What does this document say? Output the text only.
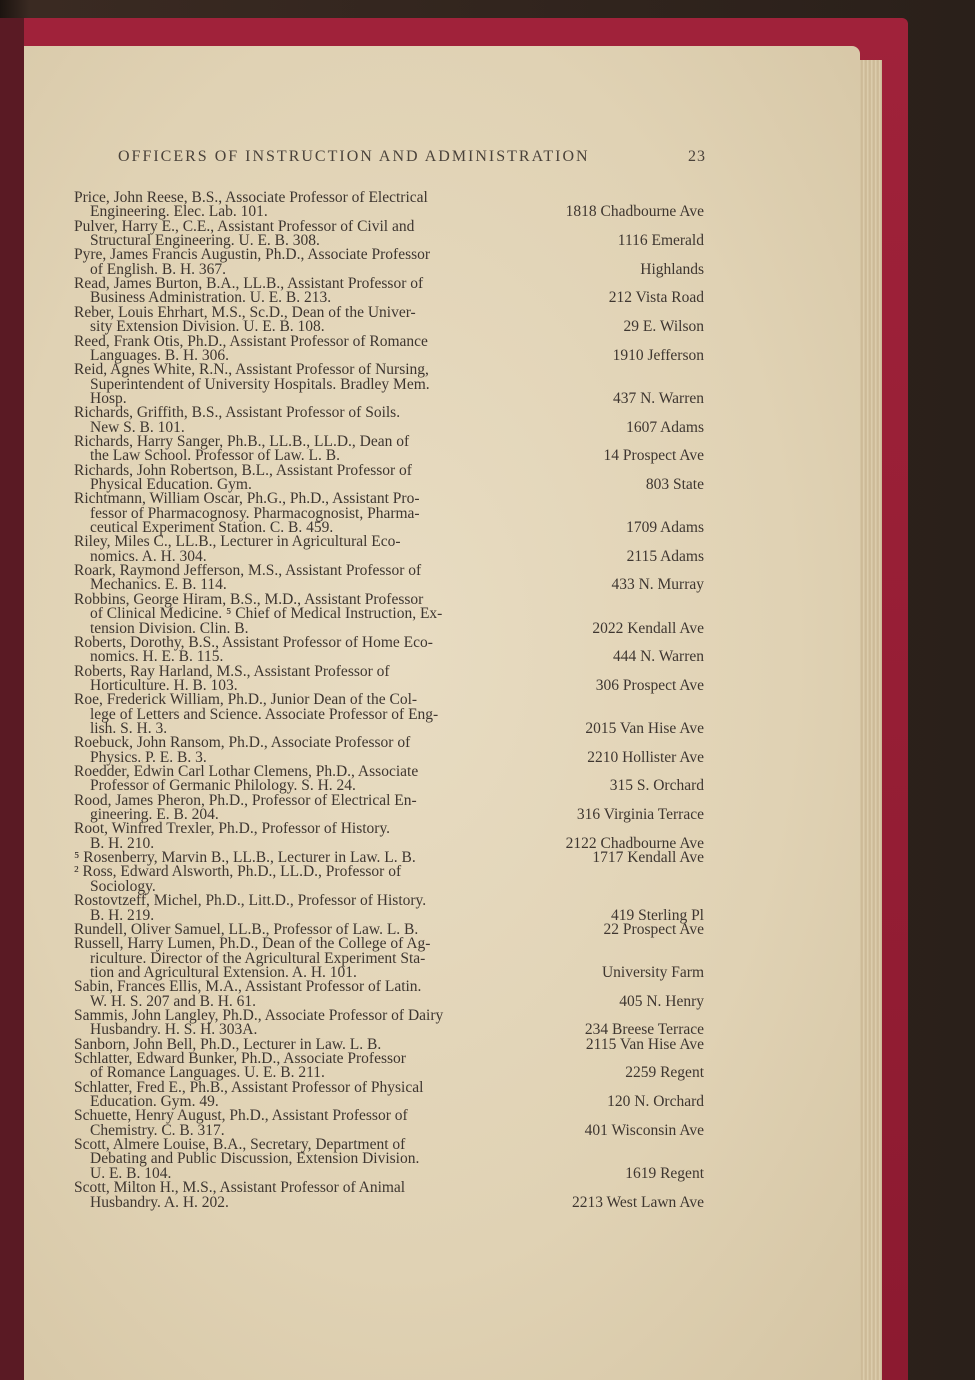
OFFICERS OF INSTRUCTION AND ADMINISTRATION	23
Price, John Reese, B.S., Associate Professor of Electrical
Engineering. Elec. Lab. 101.	1818 Chadbourne Ave
Pulver, Harry E., C.E., Assistant Professor of Civil and
Structural Engineering. U. E. B. 308.	1116 Emerald
Pyre, James Francis Augustin, Ph.D., Associate Professor
of English. B. H. 367.	Highlands
Read, James Burton, B.A., LL.B., Assistant Professor of
Business Administration. U. E. B. 213.	212 Vista Road
Reber, Louis Ehrhart, M.S., Sc.D., Dean of the Univer-
sity Extension Division. U. E. B. 108.	29 E. Wilson
Reed, Frank Otis, Ph.D., Assistant Professor of Romance
Languages. B. H. 306.	1910 Jefferson
Reid, Agnes White, R.N., Assistant Professor of Nursing,
Superintendent of University Hospitals. Bradley Mem.
Hosp.	437 N. Warren
Richards, Griffith, B.S., Assistant Professor of Soils.
New S. B. 101.	1607 Adams
Richards, Harry Sanger, Ph.B., LL.B., LL.D., Dean of
the Law School. Professor of Law. L. B.	14 Prospect Ave
Richards, John Robertson, B.L., Assistant Professor of
Physical Education. Gym.	803 State
Richtmann, William Oscar, Ph.G., Ph.D., Assistant Pro-
fessor of Pharmacognosy. Pharmacognosist, Pharma-
ceutical Experiment Station. C. B. 459.	1709 Adams
Riley, Miles C., LL.B., Lecturer in Agricultural Eco-
nomics. A. H. 304.	2115 Adams
Roark, Raymond Jefferson, M.S., Assistant Professor of
Mechanics. E. B. 114.	433 N. Murray
Robbins, George Hiram, B.S., M.D., Assistant Professor
of Clinical Medicine. ⁵ Chief of Medical Instruction, Ex-
tension Division. Clin. B.	2022 Kendall Ave
Roberts, Dorothy, B.S., Assistant Professor of Home Eco-
nomics. H. E. B. 115.	444 N. Warren
Roberts, Ray Harland, M.S., Assistant Professor of
Horticulture. H. B. 103.	306 Prospect Ave
Roe, Frederick William, Ph.D., Junior Dean of the Col-
lege of Letters and Science. Associate Professor of Eng-
lish. S. H. 3.	2015 Van Hise Ave
Roebuck, John Ransom, Ph.D., Associate Professor of
Physics. P. E. B. 3.	2210 Hollister Ave
Roedder, Edwin Carl Lothar Clemens, Ph.D., Associate
Professor of Germanic Philology. S. H. 24.	315 S. Orchard
Rood, James Pheron, Ph.D., Professor of Electrical En-
gineering. E. B. 204.	316 Virginia Terrace
Root, Winfred Trexler, Ph.D., Professor of History.
B. H. 210.	2122 Chadbourne Ave
⁵ Rosenberry, Marvin B., LL.B., Lecturer in Law. L. B.	1717 Kendall Ave
² Ross, Edward Alsworth, Ph.D., LL.D., Professor of
Sociology.
Rostovtzeff, Michel, Ph.D., Litt.D., Professor of History.
B. H. 219.	419 Sterling Pl
Rundell, Oliver Samuel, LL.B., Professor of Law. L. B.	22 Prospect Ave
Russell, Harry Lumen, Ph.D., Dean of the College of Ag-
riculture. Director of the Agricultural Experiment Sta-
tion and Agricultural Extension. A. H. 101.	University Farm
Sabin, Frances Ellis, M.A., Assistant Professor of Latin.
W. H. S. 207 and B. H. 61.	405 N. Henry
Sammis, John Langley, Ph.D., Associate Professor of Dairy
Husbandry. H. S. H. 303A.	234 Breese Terrace
Sanborn, John Bell, Ph.D., Lecturer in Law. L. B.	2115 Van Hise Ave
Schlatter, Edward Bunker, Ph.D., Associate Professor
of Romance Languages. U. E. B. 211.	2259 Regent
Schlatter, Fred E., Ph.B., Assistant Professor of Physical
Education. Gym. 49.	120 N. Orchard
Schuette, Henry August, Ph.D., Assistant Professor of
Chemistry. C. B. 317.	401 Wisconsin Ave
Scott, Almere Louise, B.A., Secretary, Department of
Debating and Public Discussion, Extension Division.
U. E. B. 104.	1619 Regent
Scott, Milton H., M.S., Assistant Professor of Animal
Husbandry. A. H. 202.	2213 West Lawn Ave
